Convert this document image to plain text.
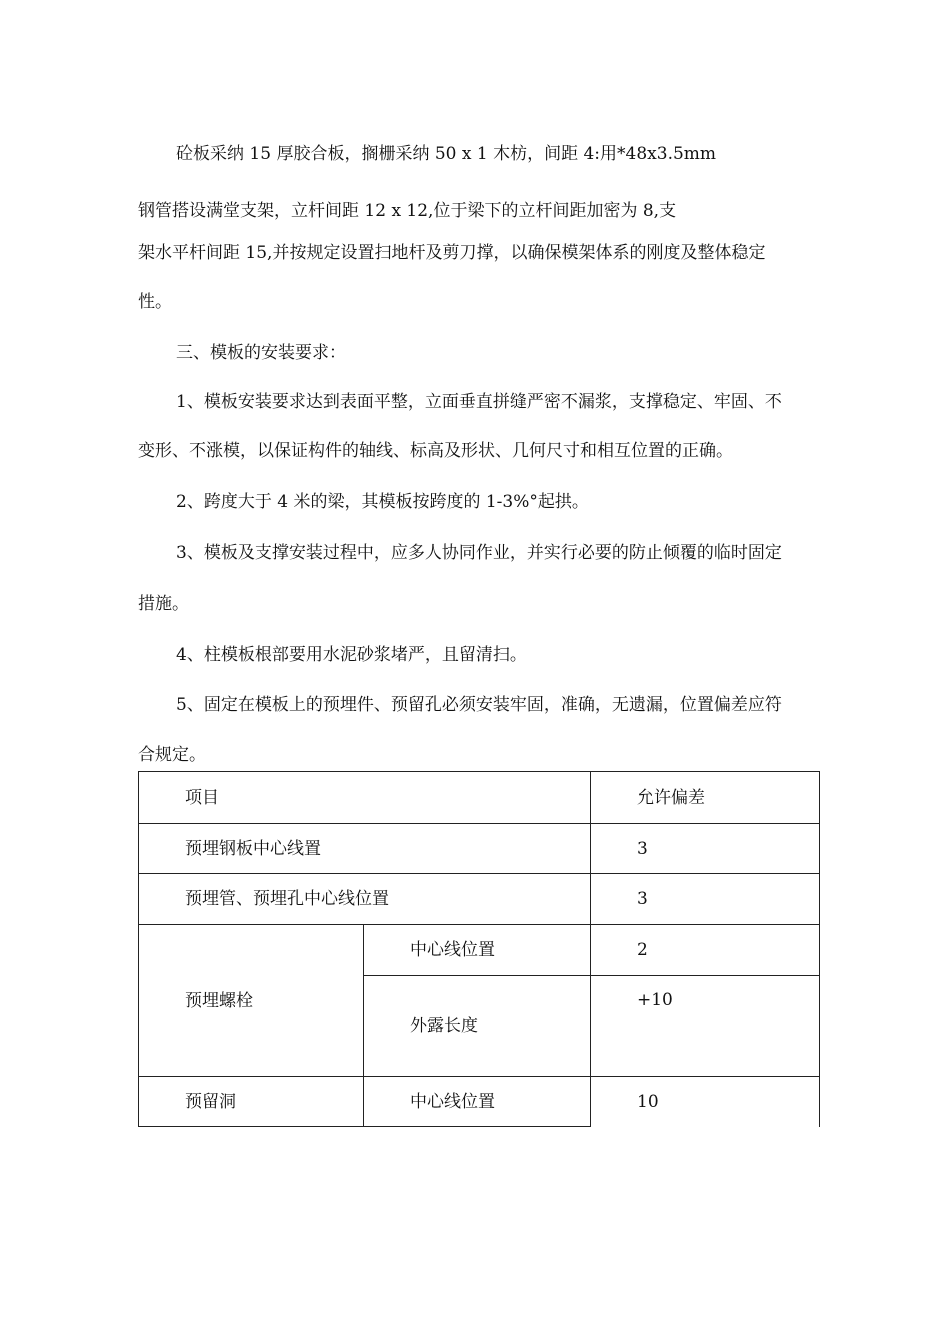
砼板采纳 15 厚胶合板，搁栅采纳 50 x 1 木枋，间距 4:用*48x3.5mm
钢管搭设满堂支架，立杆间距 12 x 12,位于梁下的立杆间距加密为 8,支
架水平杆间距 15,并按规定设置扫地杆及剪刀撑，以确保模架体系的刚度及整体稳定
性。
三、模板的安装要求：
1、模板安装要求达到表面平整，立面垂直拼缝严密不漏浆，支撑稳定、牢固、不
变形、不涨模，以保证构件的轴线、标高及形状、几何尺寸和相互位置的正确。
2、跨度大于 4 米的梁，其模板按跨度的 1-3%°起拱。
3、模板及支撑安装过程中，应多人协同作业，并实行必要的防止倾覆的临时固定
措施。
4、柱模板根部要用水泥砂浆堵严，且留清扫。
5、固定在模板上的预埋件、预留孔必须安装牢固，准确，无遗漏，位置偏差应符
合规定。
项目		允许偏差
预埋钢板中心线置		3
预埋管、预埋孔中心线位置		3
预埋螺栓	中心线位置	2
	外露长度	+10
预留洞	中心线位置	10
